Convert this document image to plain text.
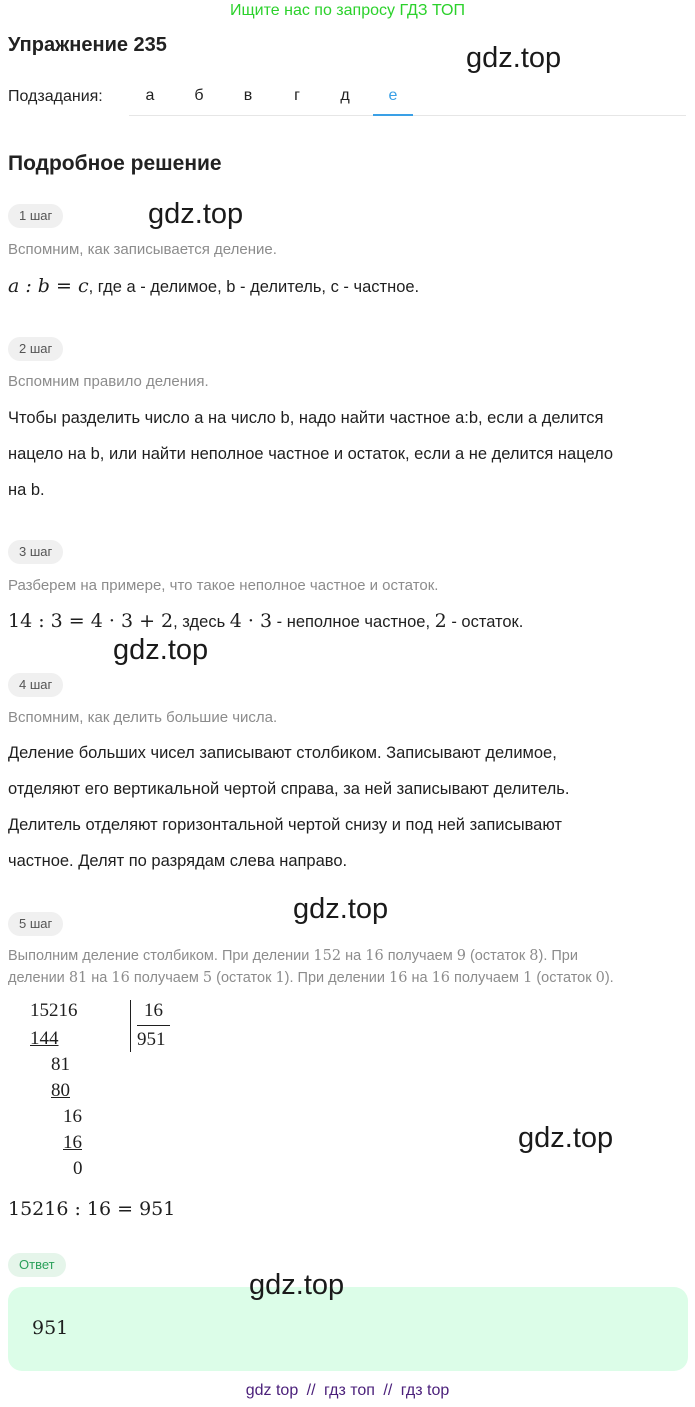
Ищите нас по запросу ГДЗ ТОП
Упражнение 235	gdz.top
Подзадания:	а	б	в	г	д	е
Подробное решение
1 шаг	gdz.top
Вспомним, как записывается деление.
a : b = c, где а - делимое, b - делитель, c - частное.
2 шаг
Вспомним правило деления.
Чтобы разделить число а на число b, надо найти частное a:b, если а делится
нацело на b, или найти неполное частное и остаток, если а не делится нацело
на b.
3 шаг
Разберем на примере, что такое неполное частное и остаток.
14 : 3 = 4 · 3 + 2, здесь 4 · 3 - неполное частное, 2 - остаток.
gdz.top
4 шаг
Вспомним, как делить большие числа.
Деление больших чисел записывают столбиком. Записывают делимое,
отделяют его вертикальной чертой справа, за ней записывают делитель.
Делитель отделяют горизонтальной чертой снизу и под ней записывают
частное. Делят по разрядам слева направо.
5 шаг	gdz.top
Выполним деление столбиком. При делении 152 на 16 получаем 9 (остаток 8). При
делении 81 на 16 получаем 5 (остаток 1). При делении 16 на 16 получаем 1 (остаток 0).
15216	16
951
144
81
80
16
16
0
gdz.top
15216 : 16 = 951
Ответ
951
gdz.top
gdz top // гдз топ // гдз top
